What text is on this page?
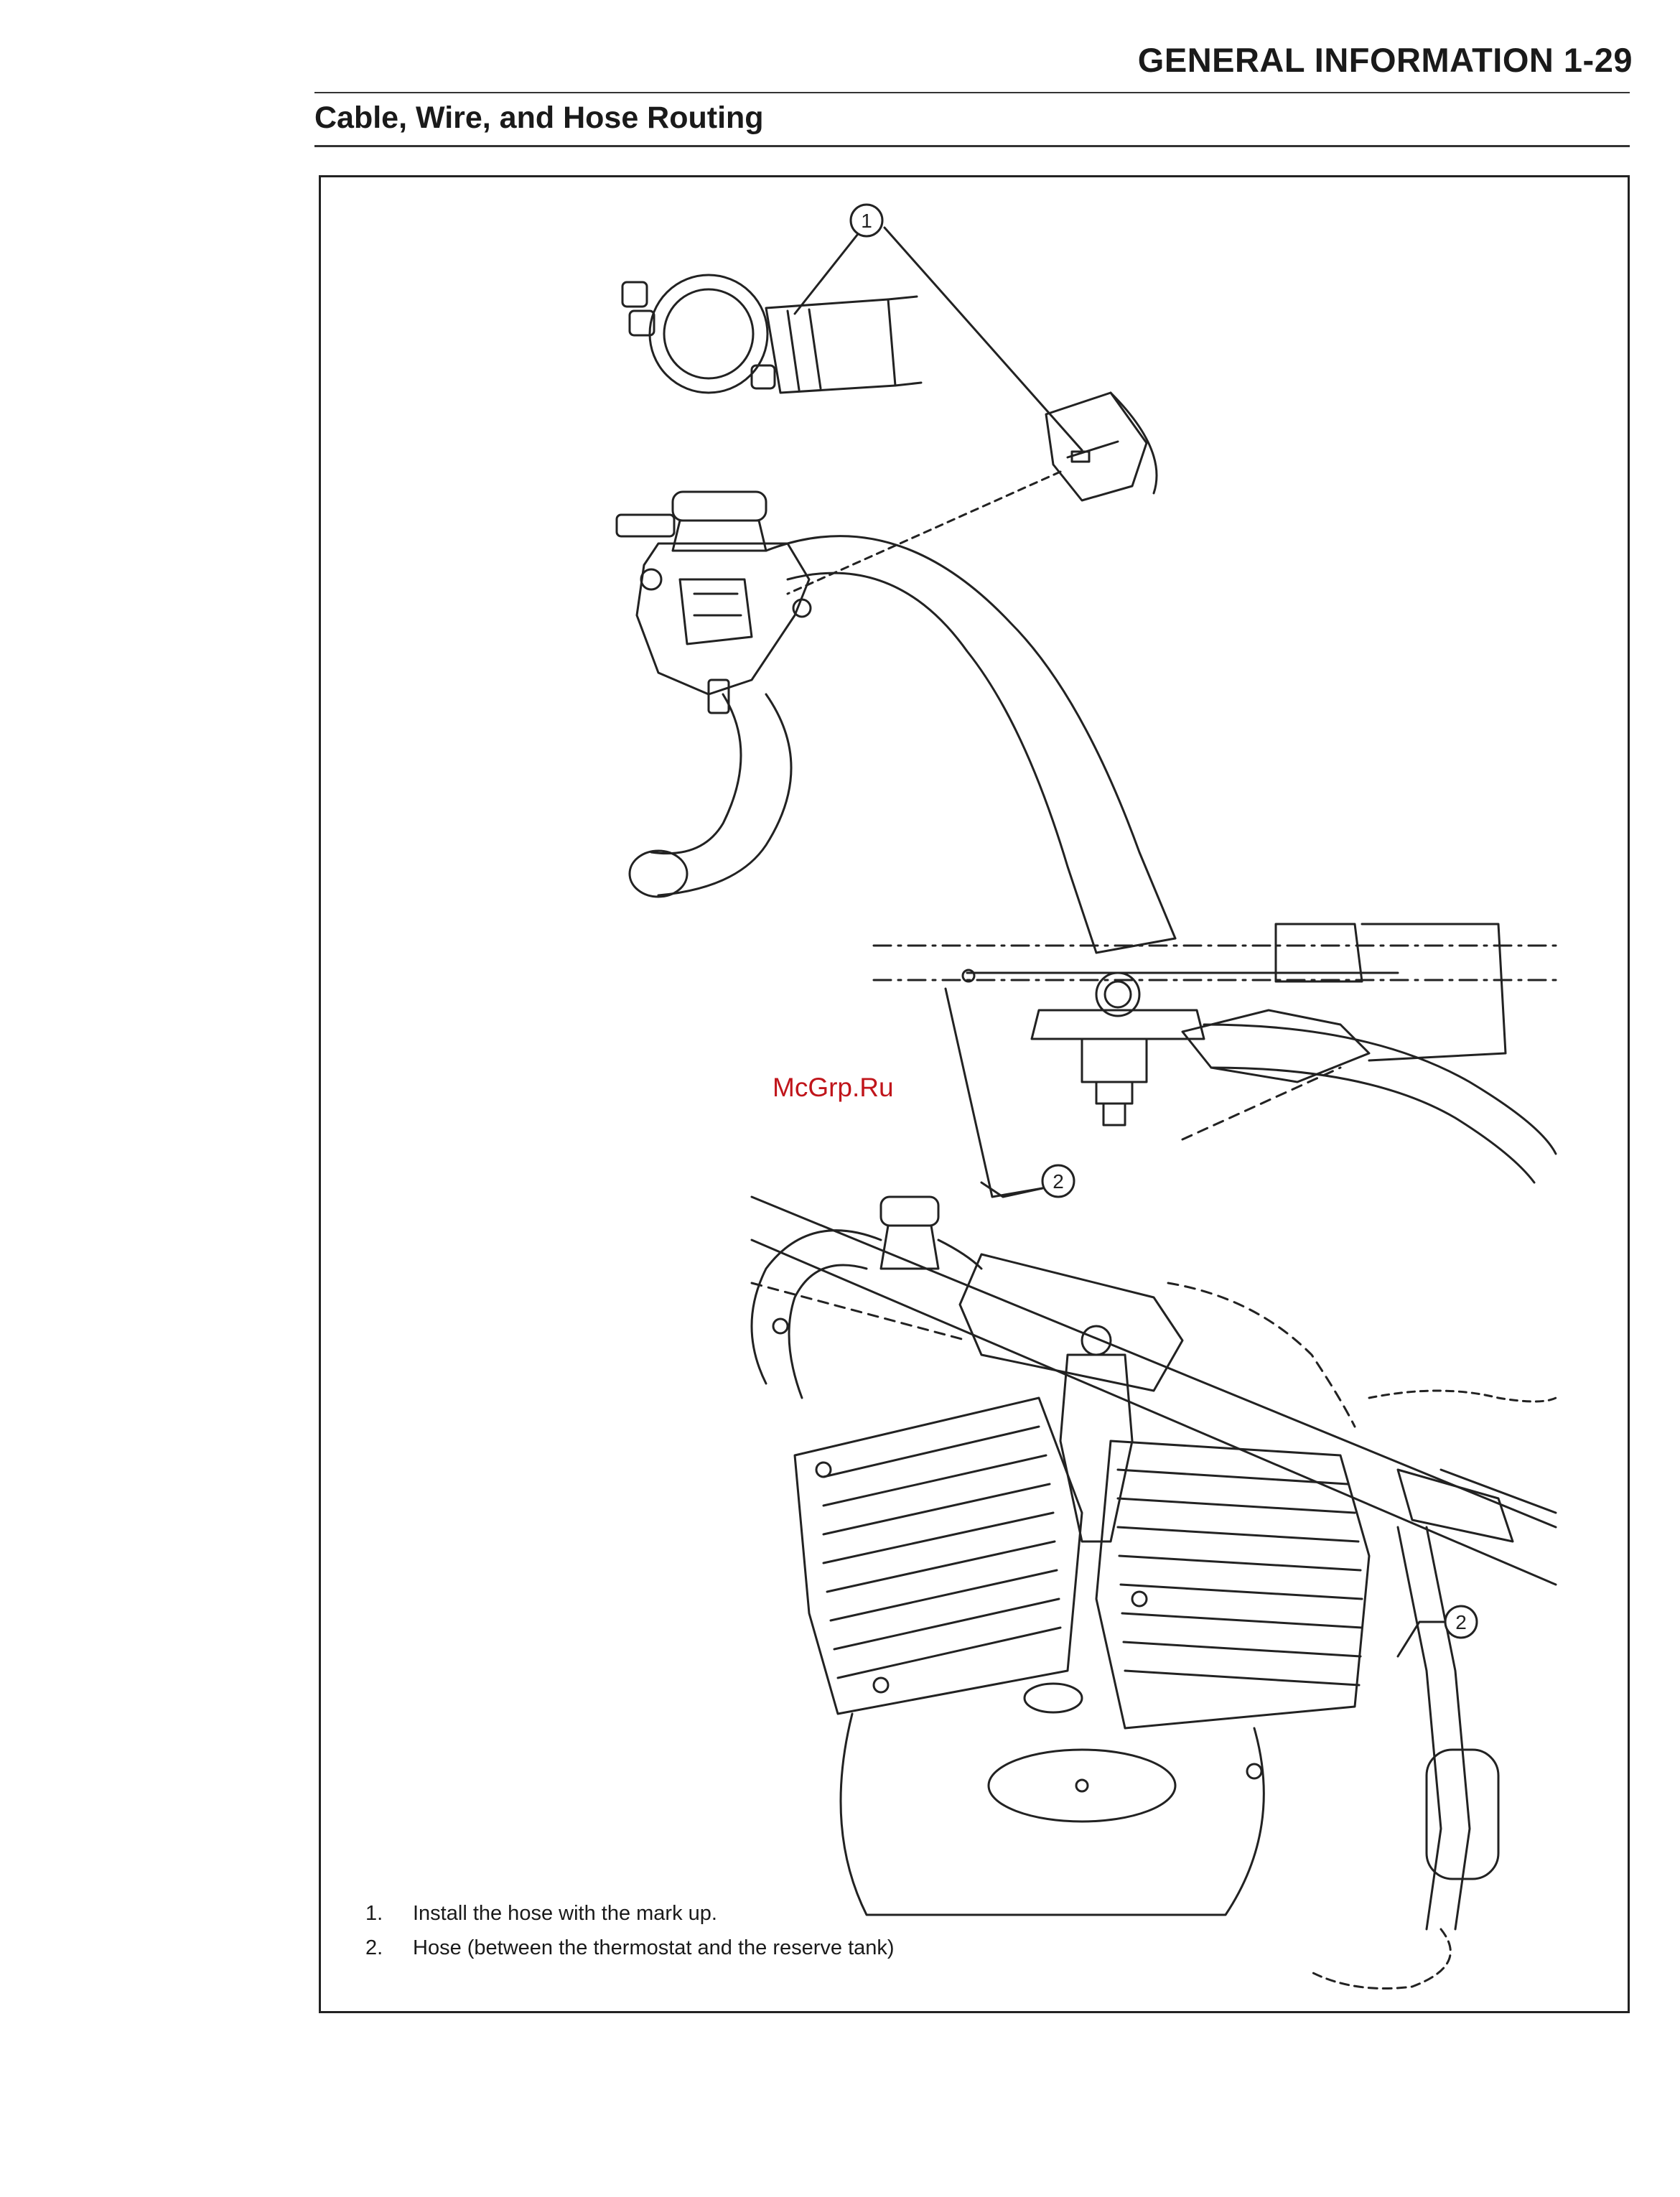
GENERAL INFORMATION 1-29
Cable, Wire, and Hose Routing
1
2
2
1.	Install the hose with the mark up.
2.	Hose (between the thermostat and the reserve tank)
McGrp.Ru
